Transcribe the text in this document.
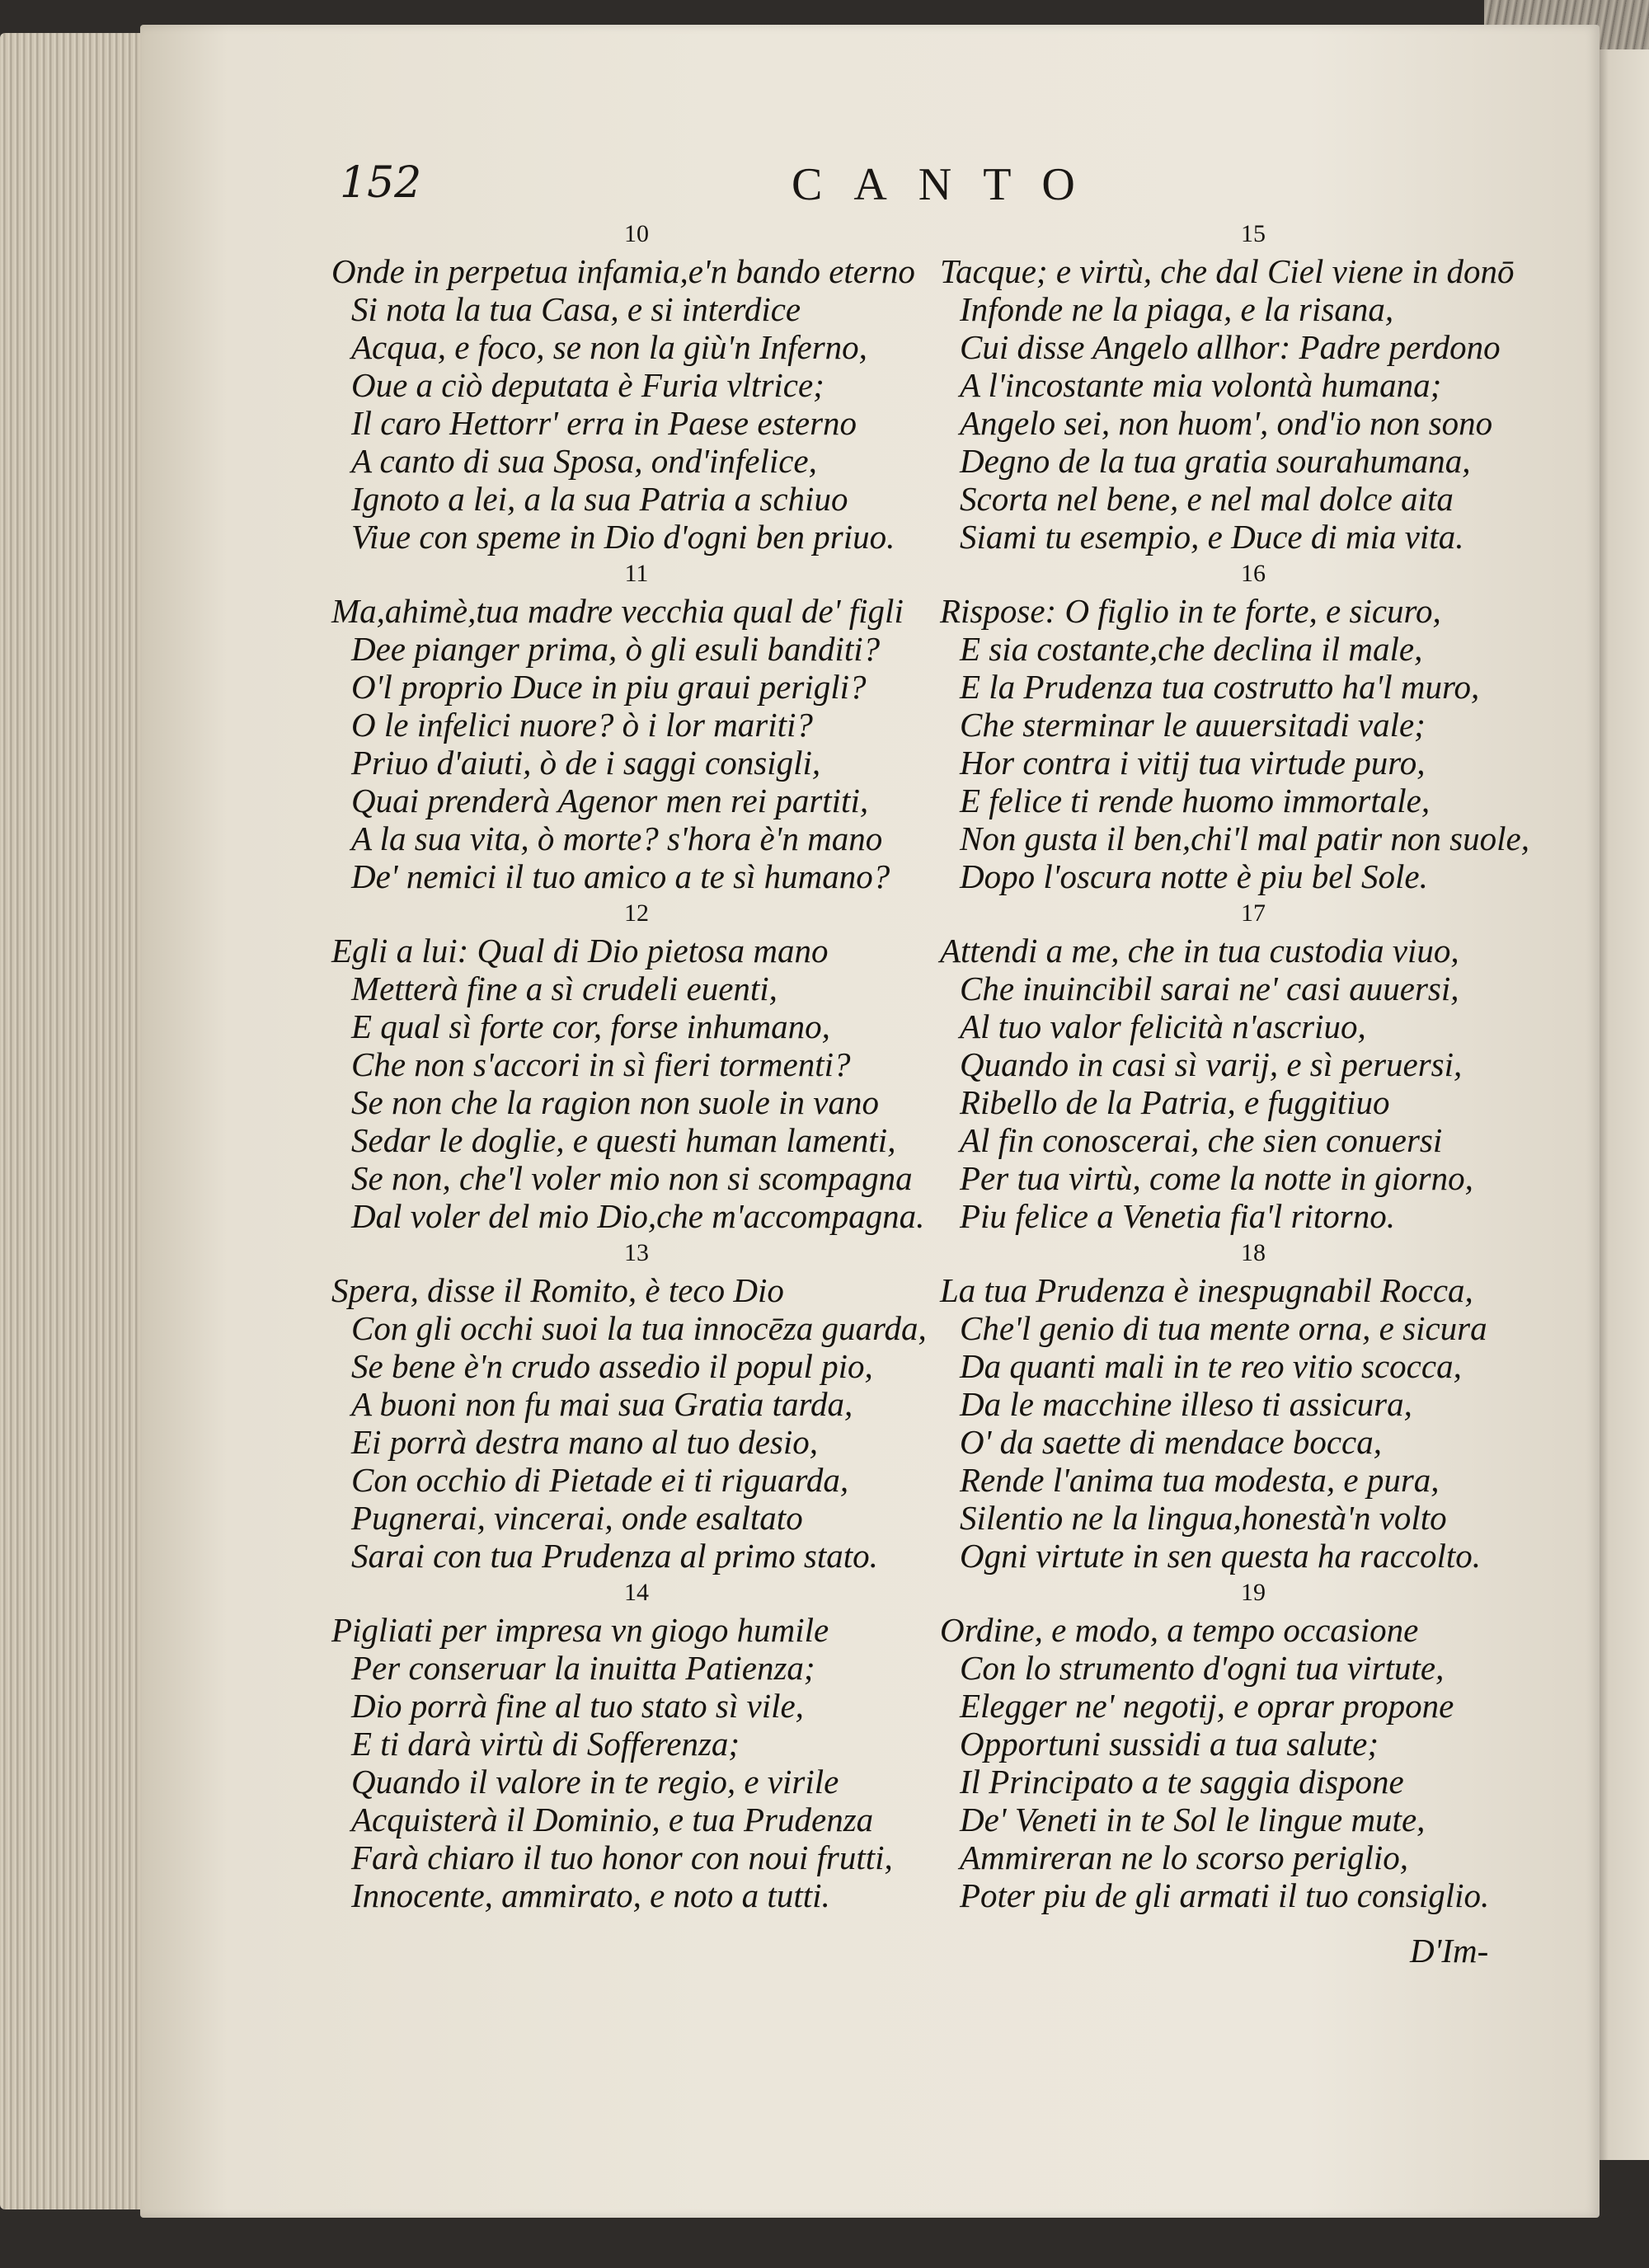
152	CANTO
10
Onde in perpetua infamia,e'n bando eterno
Si nota la tua Casa, e si interdice
Acqua, e foco, se non la giù'n Inferno,
Oue a ciò deputata è Furia vltrice;
Il caro Hettorr' erra in Paese esterno
A canto di sua Sposa, ond'infelice,
Ignoto a lei, a la sua Patria a schiuo
Viue con speme in Dio d'ogni ben priuo.
11
Ma,ahimè,tua madre vecchia qual de' figli
Dee pianger prima, ò gli esuli banditi?
O'l proprio Duce in piu graui perigli?
O le infelici nuore? ò i lor mariti?
Priuo d'aiuti, ò de i saggi consigli,
Quai prenderà Agenor men rei partiti,
A la sua vita, ò morte? s'hora è'n mano
De' nemici il tuo amico a te sì humano?
12
Egli a lui: Qual di Dio pietosa mano
Metterà fine a sì crudeli euenti,
E qual sì forte cor, forse inhumano,
Che non s'accori in sì fieri tormenti?
Se non che la ragion non suole in vano
Sedar le doglie, e questi human lamenti,
Se non, che'l voler mio non si scompagna
Dal voler del mio Dio,che m'accompagna.
13
Spera, disse il Romito, è teco Dio
Con gli occhi suoi la tua innocēza guarda,
Se bene è'n crudo assedio il popul pio,
A buoni non fu mai sua Gratia tarda,
Ei porrà destra mano al tuo desio,
Con occhio di Pietade ei ti riguarda,
Pugnerai, vincerai, onde esaltato
Sarai con tua Prudenza al primo stato.
14
Pigliati per impresa vn giogo humile
Per conseruar la inuitta Patienza;
Dio porrà fine al tuo stato sì vile,
E ti darà virtù di Sofferenza;
Quando il valore in te regio, e virile
Acquisterà il Dominio, e tua Prudenza
Farà chiaro il tuo honor con noui frutti,
Innocente, ammirato, e noto a tutti.
15
Tacque; e virtù, che dal Ciel viene in donō
Infonde ne la piaga, e la risana,
Cui disse Angelo allhor: Padre perdono
A l'incostante mia volontà humana;
Angelo sei, non huom', ond'io non sono
Degno de la tua gratia sourahumana,
Scorta nel bene, e nel mal dolce aita
Siami tu esempio, e Duce di mia vita.
16
Rispose: O figlio in te forte, e sicuro,
E sia costante,che declina il male,
E la Prudenza tua costrutto ha'l muro,
Che sterminar le auuersitadi vale;
Hor contra i vitij tua virtude puro,
E felice ti rende huomo immortale,
Non gusta il ben,chi'l mal patir non suole,
Dopo l'oscura notte è piu bel Sole.
17
Attendi a me, che in tua custodia viuo,
Che inuincibil sarai ne' casi auuersi,
Al tuo valor felicità n'ascriuo,
Quando in casi sì varij, e sì peruersi,
Ribello de la Patria, e fuggitiuo
Al fin conoscerai, che sien conuersi
Per tua virtù, come la notte in giorno,
Piu felice a Venetia fia'l ritorno.
18
La tua Prudenza è inespugnabil Rocca,
Che'l genio di tua mente orna, e sicura
Da quanti mali in te reo vitio scocca,
Da le macchine illeso ti assicura,
O' da saette di mendace bocca,
Rende l'anima tua modesta, e pura,
Silentio ne la lingua,honestà'n volto
Ogni virtute in sen questa ha raccolto.
19
Ordine, e modo, a tempo occasione
Con lo strumento d'ogni tua virtute,
Elegger ne' negotij, e oprar propone
Opportuni sussidi a tua salute;
Il Principato a te saggia dispone
De' Veneti in te Sol le lingue mute,
Ammireran ne lo scorso periglio,
Poter piu de gli armati il tuo consiglio.
D'Im-
